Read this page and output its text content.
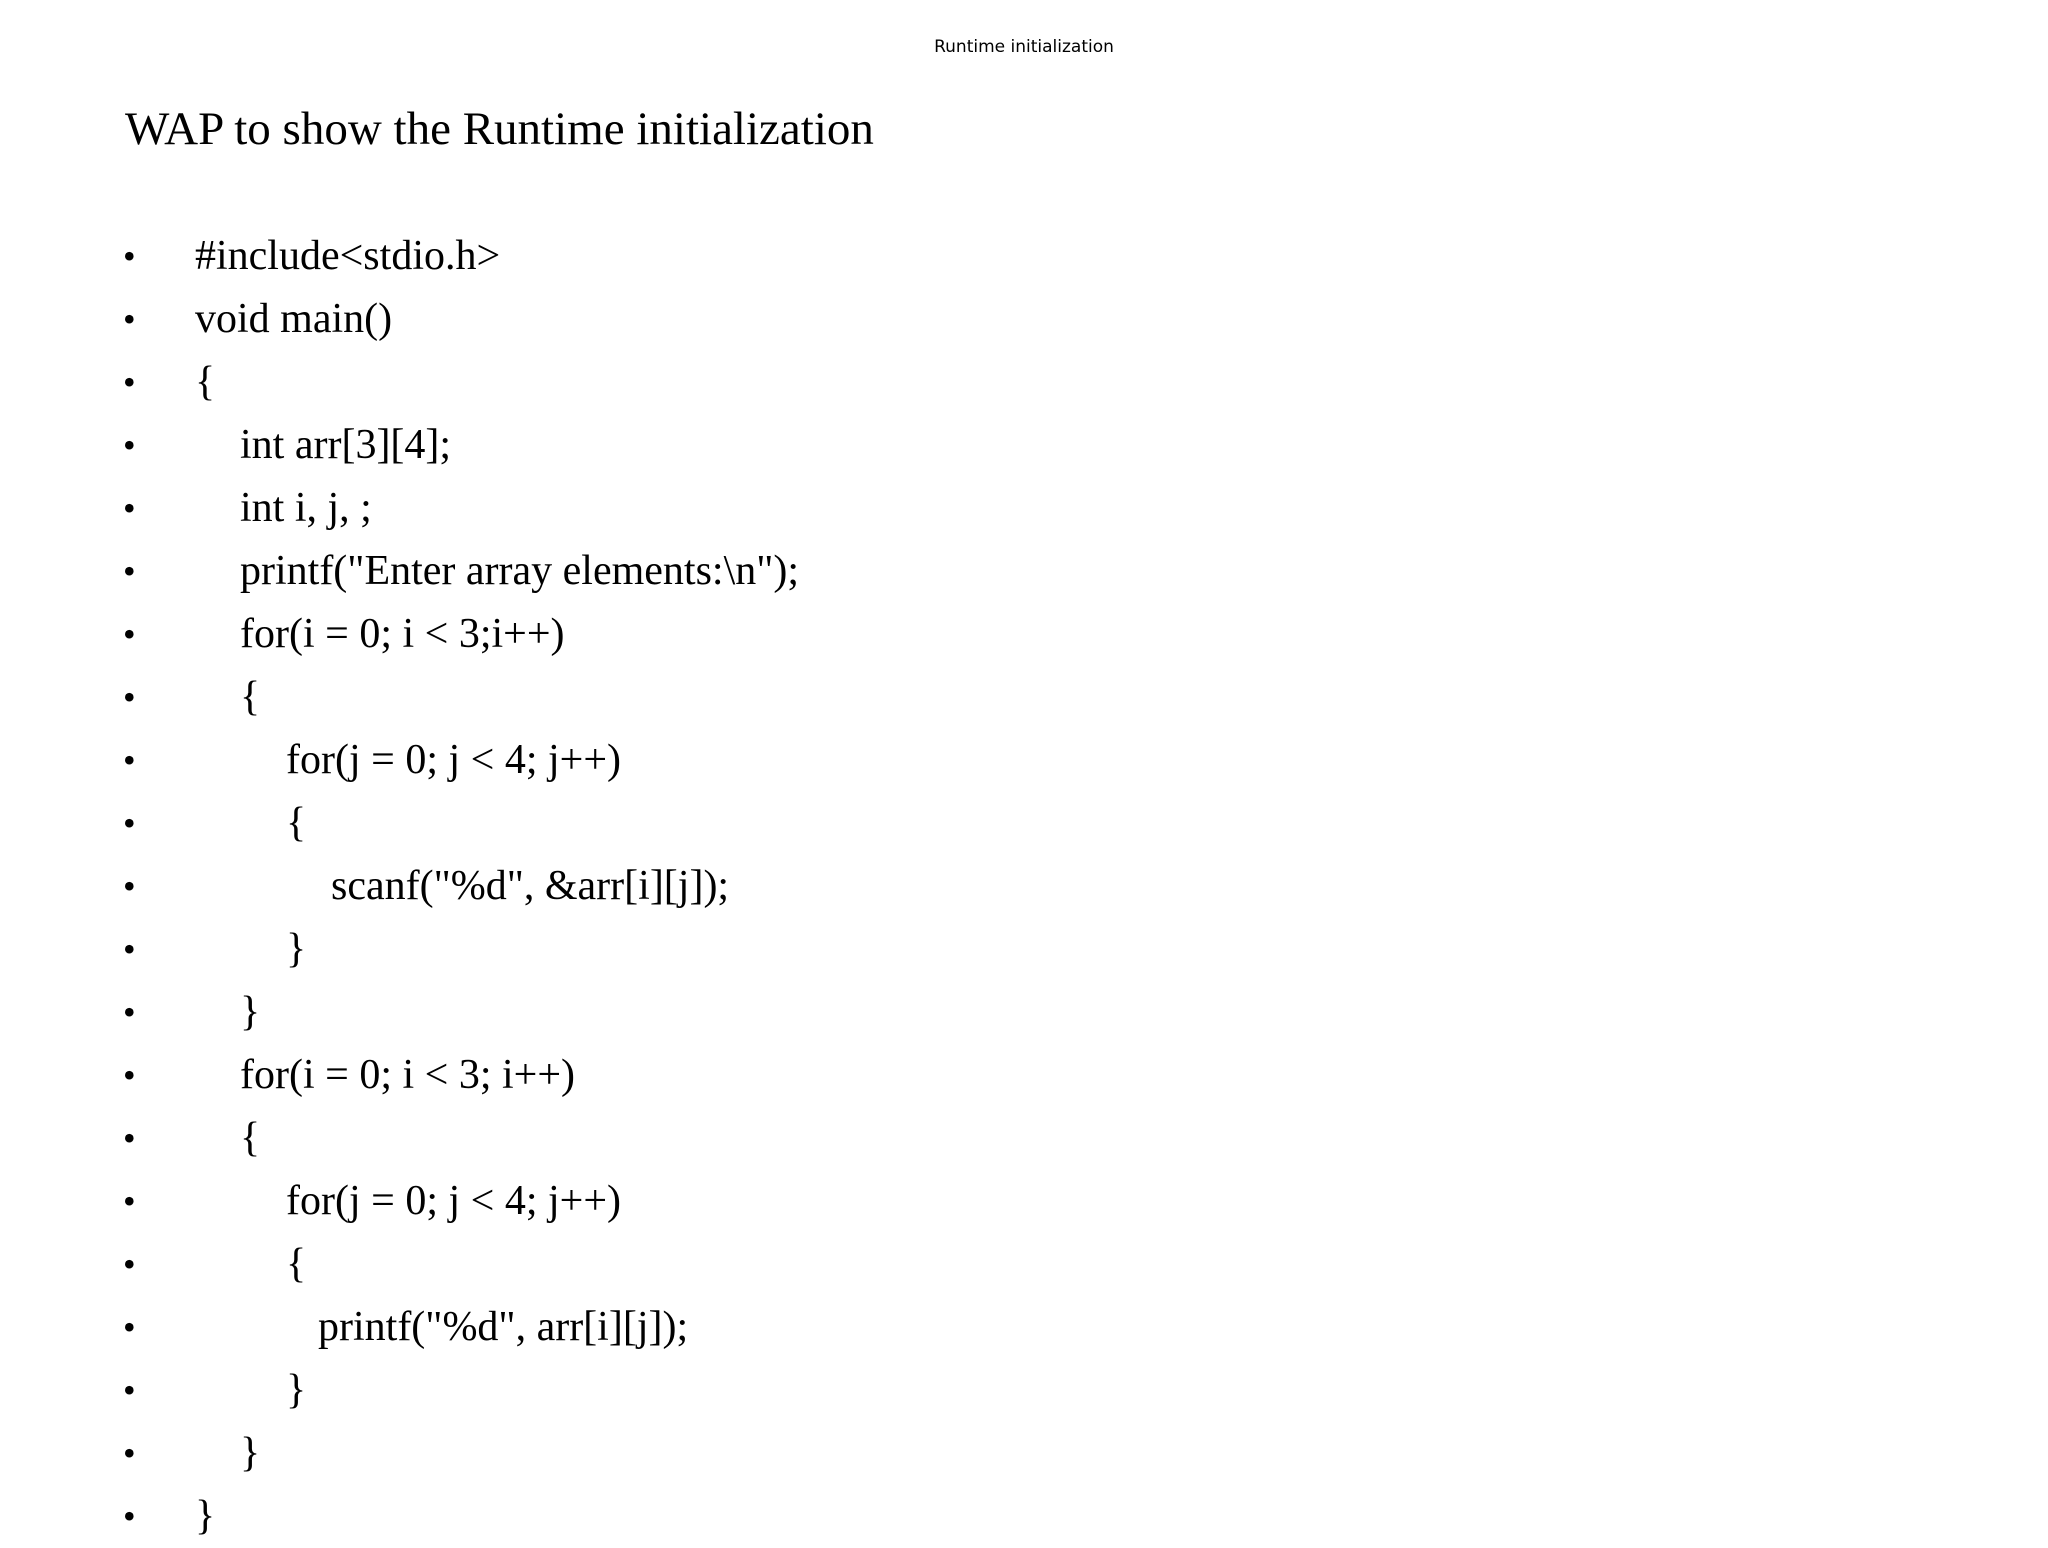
Runtime initialization
WAP to show the Runtime initialization
• #include<stdio.h>
• void main()
• {
• int arr[3][4];
• int i, j, ;
• printf("Enter array elements:\n");
• for(i = 0; i < 3;i++)
• {
•	for(j = 0; j < 4; j++)
•	{
•	scanf("%d", &arr[i][j]);
•	}
• }
• for(i = 0; i < 3; i++)
• {
•	for(j = 0; j < 4; j++)
•	{
•	printf("%d", arr[i][j]);
•	}
• }
• }
